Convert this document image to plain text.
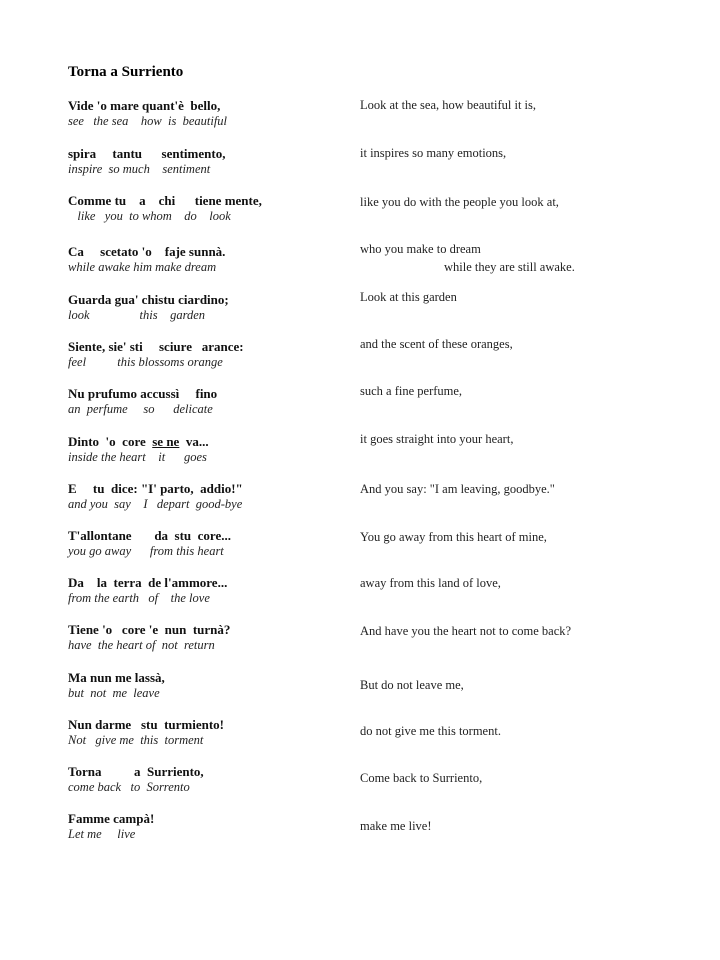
Torna a Surriento
Vide 'o mare quant'è  bello,
see   the sea    how  is  beautiful
Look at the sea, how beautiful it is,
spira     tantu      sentimento,
inspire  so much    sentiment
it inspires so many emotions,
Comme tu    a    chi      tiene mente,
like   you  to whom    do    look
like you do with the people you look at,
Ca     scetato 'o    faje sunnà.
while awake him make dream
who you make to dream
while they are still awake.
Guarda gua' chistu ciardino;
look                this    garden
Look at this garden
Siente, sie' sti     sciure   arance:
feel          this blossoms orange
and the scent of these oranges,
Nu prufumo accussì     fino
an  perfume     so      delicate
such a fine perfume,
Dinto  'o  core  se ne  va...
inside the heart    it      goes
it goes straight into your heart,
E     tu  dice: "I' parto,  addio!"
and you  say    I   depart  good-bye
And you say: "I am leaving, goodbye."
T'allontane       da  stu  core...
you go away      from this heart
You go away from this heart of mine,
Da    la  terra  de l'ammore...
from the earth   of    the love
away from this land of love,
Tiene 'o   core 'e  nun  turnà?
have  the heart of  not  return
And have you the heart not to come back?
Ma nun me lassà,
but  not  me  leave
But do not leave me,
Nun darme   stu  turmiento!
Not   give me  this  torment
do not give me this torment.
Torna          a  Surriento,
come back   to  Sorrento
Come back to Surriento,
Famme campà!
Let me     live
make me live!
